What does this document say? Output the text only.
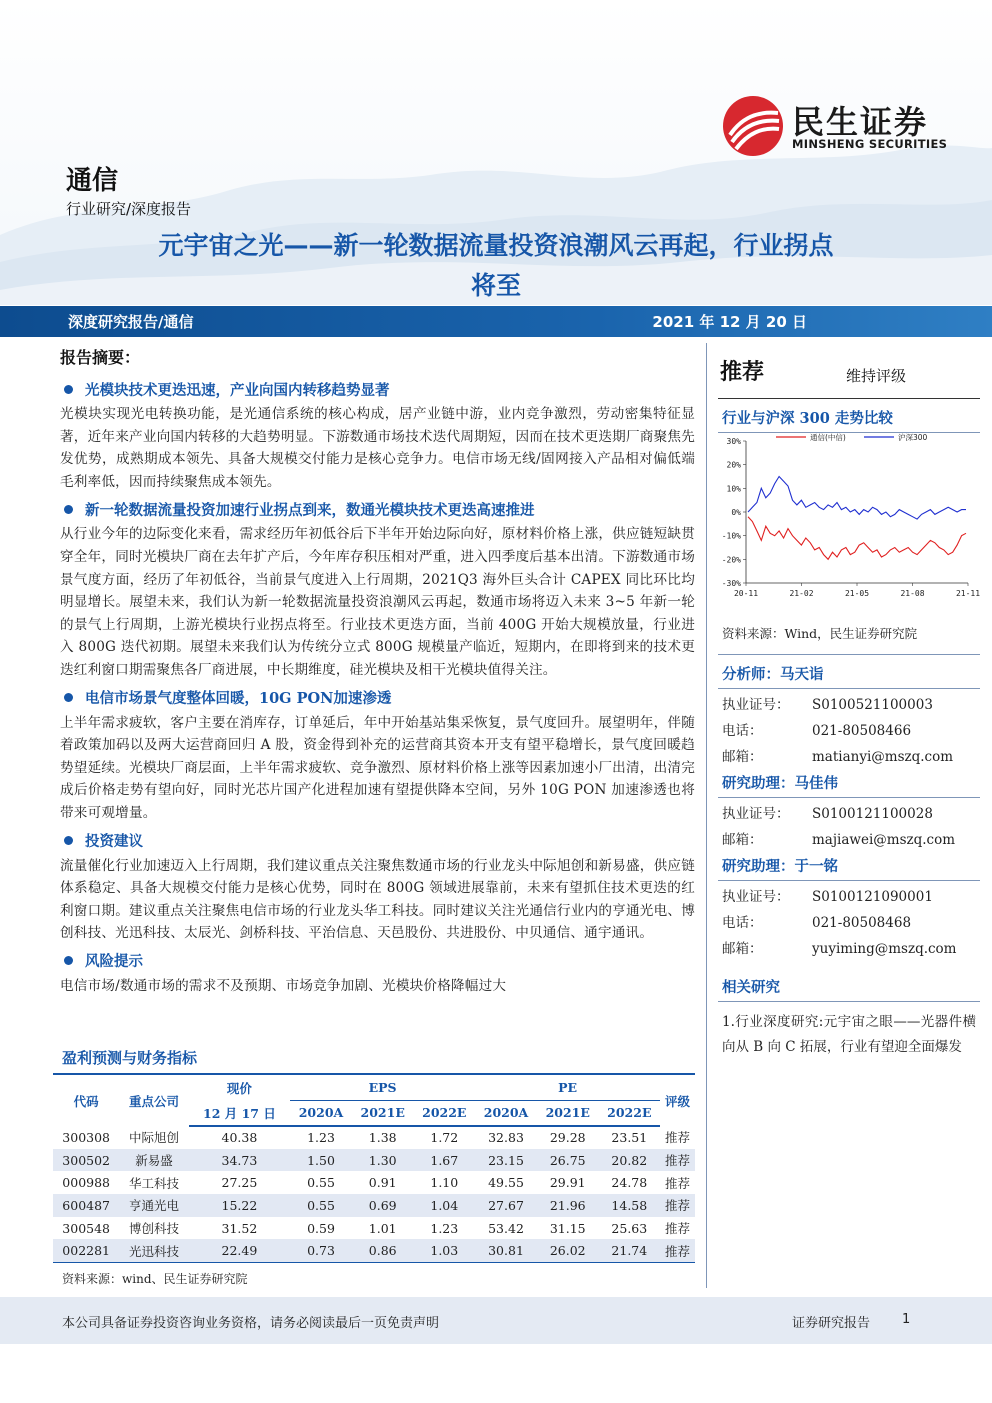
民生证券
MINSHENG SECURITIES
通信
行业研究/深度报告
元宇宙之光——新一轮数据流量投资浪潮风云再起，行业拐点
将至
深度研究报告/通信	2021 年 12 月 20 日
报告摘要：
光模块技术更迭迅速，产业向国内转移趋势显著
光模块实现光电转换功能，是光通信系统的核心构成，居产业链中游，业内竞争激烈，劳动密集特征显著，近年来产业向国内转移的大趋势明显。下游数通市场技术迭代周期短，因而在技术更迭期厂商聚焦先发优势，成熟期成本领先、具备大规模交付能力是核心竞争力。电信市场无线/固网接入产品相对偏低端毛利率低，因而持续聚焦成本领先。
新一轮数据流量投资加速行业拐点到来，数通光模块技术更迭高速推进
从行业今年的边际变化来看，需求经历年初低谷后下半年开始边际向好，原材料价格上涨，供应链短缺贯穿全年，同时光模块厂商在去年扩产后，今年库存积压相对严重，进入四季度后基本出清。下游数通市场景气度方面，经历了年初低谷，当前景气度进入上行周期，2021Q3 海外巨头合计 CAPEX 同比环比均明显增长。展望未来，我们认为新一轮数据流量投资浪潮风云再起，数通市场将迈入未来 3~5 年新一轮的景气上行周期，上游光模块行业拐点将至。行业技术更迭方面，当前 400G 开始大规模放量，行业进入 800G 迭代初期。展望未来我们认为传统分立式 800G 规模量产临近，短期内，在即将到来的技术更迭红利窗口期需聚焦各厂商进展，中长期维度，硅光模块及相干光模块值得关注。
电信市场景气度整体回暖，10G PON加速渗透
上半年需求疲软，客户主要在消库存，订单延后，年中开始基站集采恢复，景气度回升。展望明年，伴随着政策加码以及两大运营商回归 A 股，资金得到补充的运营商其资本开支有望平稳增长，景气度回暖趋势望延续。光模块厂商层面，上半年需求疲软、竞争激烈、原材料价格上涨等因素加速小厂出清，出清完成后价格走势有望向好，同时光芯片国产化进程加速有望提供降本空间，另外 10G PON 加速渗透也将带来可观增量。
投资建议
流量催化行业加速迈入上行周期，我们建议重点关注聚焦数通市场的行业龙头中际旭创和新易盛，供应链体系稳定、具备大规模交付能力是核心优势，同时在 800G 领域进展靠前，未来有望抓住技术更迭的红利窗口期。建议重点关注聚焦电信市场的行业龙头华工科技。同时建议关注光通信行业内的亨通光电、博创科技、光迅科技、太辰光、剑桥科技、平治信息、天邑股份、共进股份、中贝通信、通宇通讯。
风险提示
电信市场/数通市场的需求不及预期、市场竞争加剧、光模块价格降幅过大
盈利预测与财务指标
代码	重点公司	现价	EPS			PE			评级
		12 月 17 日	2020A	2021E	2022E	2020A	2021E	2022E	
300308	中际旭创	40.38	1.23	1.38	1.72	32.83	29.28	23.51	推荐
300502	新易盛	34.73	1.50	1.30	1.67	23.15	26.75	20.82	推荐
000988	华工科技	27.25	0.55	0.91	1.10	49.55	29.91	24.78	推荐
600487	亨通光电	15.22	0.55	0.69	1.04	27.67	21.96	14.58	推荐
300548	博创科技	31.52	0.59	1.01	1.23	53.42	31.15	25.63	推荐
002281	光迅科技	22.49	0.73	0.86	1.03	30.81	26.02	21.74	推荐
资料来源：wind、民生证券研究院
推荐	维持评级
行业与沪深 300 走势比较
30%
20%
10%
0%
-10%
-20%
-30%
20-11	21-02	21-05	21-08	21-11
通信(中信)	沪深300
资料来源：Wind，民生证券研究院
分析师：马天诣
执业证号：	S0100521100003
电话：	021-80508466
邮箱：	matianyi@mszq.com
研究助理：马佳伟
执业证号：	S0100121100028
邮箱：	majiawei@mszq.com
研究助理：于一铭
执业证号：	S0100121090001
电话：	021-80508468
邮箱：	yuyiming@mszq.com
相关研究
1.行业深度研究:元宇宙之眼——光器件横向从 B 向 C 拓展，行业有望迎全面爆发
本公司具备证券投资咨询业务资格，请务必阅读最后一页免责声明	证券研究报告 1
